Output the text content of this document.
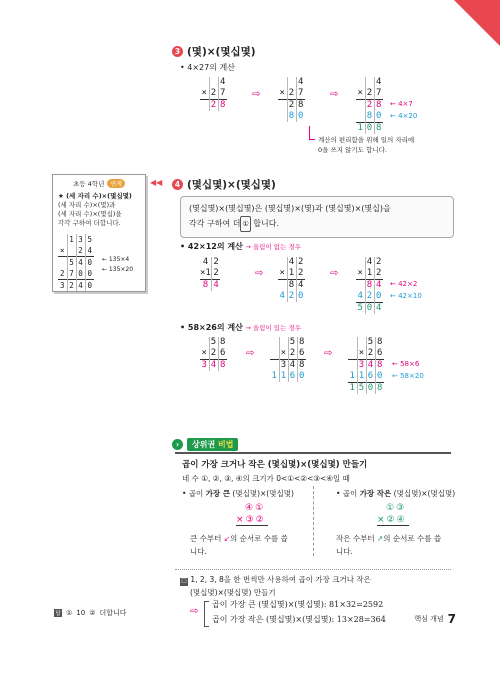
3 (몇)×(몇십몇)
• 4×27의 계산
		4
×	2	7
	2	8
⇨
		4
×	2	7
	2	8
	8	0
⇨
		4
×	2	7
	2	8
	8	0
1	0	8
← 4×7
← 4×20
계산의 편리함을 위해 일의 자리에
0을 쓰지 않기도 합니다.
초등 4학년	연계
★ (세 자리 수)×(몇십몇)
(세 자리 수)×(몇)과
(세 자리 수)×(몇십)을
각각 구하여 더합니다.
	1	3	5
×		2	4
	5	4	0
2	7	0	0
3	2	4	0
← 135×4
← 135×20
◀◀	4 (몇십몇)×(몇십몇)
(몇십몇)×(몇십몇)은 (몇십몇)×(몇)과 (몇십몇)×(몇십)을
각각 구하여 더 ① 합니다.
• 42×12의 계산 → 올림이 없는 경우
4	2
×1	2
8	4
⇨
	4	2
×	1	2
	8	4
4	2	0
⇨
	4	2
×	1	2
	8	4
4	2	0
5	0	4
← 42×2
← 42×10
• 58×26의 계산 → 올림이 있는 경우
	5	8
×	2	6
3	4	8
⇨
		5	8
	×	2	6
	3	4	8
1	1	6	0
⇨
		5	8
	×	2	6
	3	4	8
1	1	6	0
1	5	0	8
← 58×6
← 58×20
›	상위권 비법
곱이 가장 크거나 작은 (몇십몇)×(몇십몇) 만들기
네 수 ①, ②, ③, ④의 크기가 0<①<②<③<④일 때
• 곱이 가장 큰 (몇십몇)×(몇십몇)	• 곱이 가장 작은 (몇십몇)×(몇십몇)
④①
×③②
①③
×②④
큰 수부터 ↙의 순서로 수를 씁
니다.
작은 수부터 ↗의 순서로 수를 씁
니다.
□ 1, 2, 3, 8을 한 번씩만 사용하여 곱이 가장 크거나 작은
(몇십몇)×(몇십몇) 만들기
⇨
곱이 가장 큰 (몇십몇)×(몇십몇): 81×32=2592
곱이 가장 작은 (몇십몇)×(몇십몇): 13×28=364
답 ① 10 ② 더합니다
핵심 개념 7
